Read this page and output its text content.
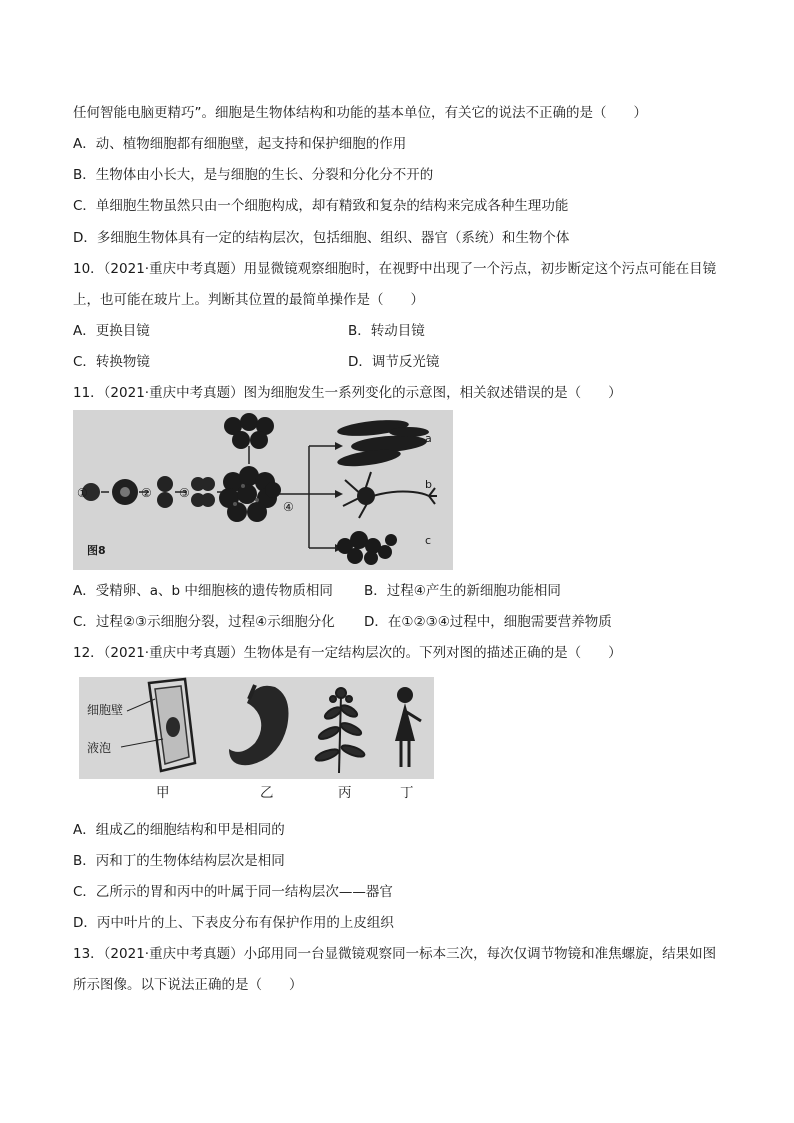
任何智能电脑更精巧”。细胞是生物体结构和功能的基本单位，有关它的说法不正确的是（　　）
A．动、植物细胞都有细胞壁，起支持和保护细胞的作用
B．生物体由小长大，是与细胞的生长、分裂和分化分不开的
C．单细胞生物虽然只由一个细胞构成，却有精致和复杂的结构来完成各种生理功能
D．多细胞生物体具有一定的结构层次，包括细胞、组织、器官（系统）和生物个体
10．（2021·重庆中考真题）用显微镜观察细胞时，在视野中出现了一个污点，初步断定这个污点可能在目镜
上，也可能在玻片上。判断其位置的最简单操作是（　　）
A．更换目镜	B．转动目镜
C．转换物镜	D．调节反光镜
11．（2021·重庆中考真题）图为细胞发生一系列变化的示意图，相关叙述错误的是（　　）
①	② ③
④
a
b
c
图8
A．受精卵、a、b 中细胞核的遗传物质相同 B．过程④产生的新细胞功能相同
C．过程②③示细胞分裂，过程④示细胞分化 D．在①②③④过程中，细胞需要营养物质
12．（2021·重庆中考真题）生物体是有一定结构层次的。下列对图的描述正确的是（　　）
细胞壁
液泡
甲	乙	丙	丁
A．组成乙的细胞结构和甲是相同的
B．丙和丁的生物体结构层次是相同
C．乙所示的胃和丙中的叶属于同一结构层次——器官
D．丙中叶片的上、下表皮分布有保护作用的上皮组织
13．（2021·重庆中考真题）小邱用同一台显微镜观察同一标本三次，每次仅调节物镜和准焦螺旋，结果如图
所示图像。以下说法正确的是（　　）
